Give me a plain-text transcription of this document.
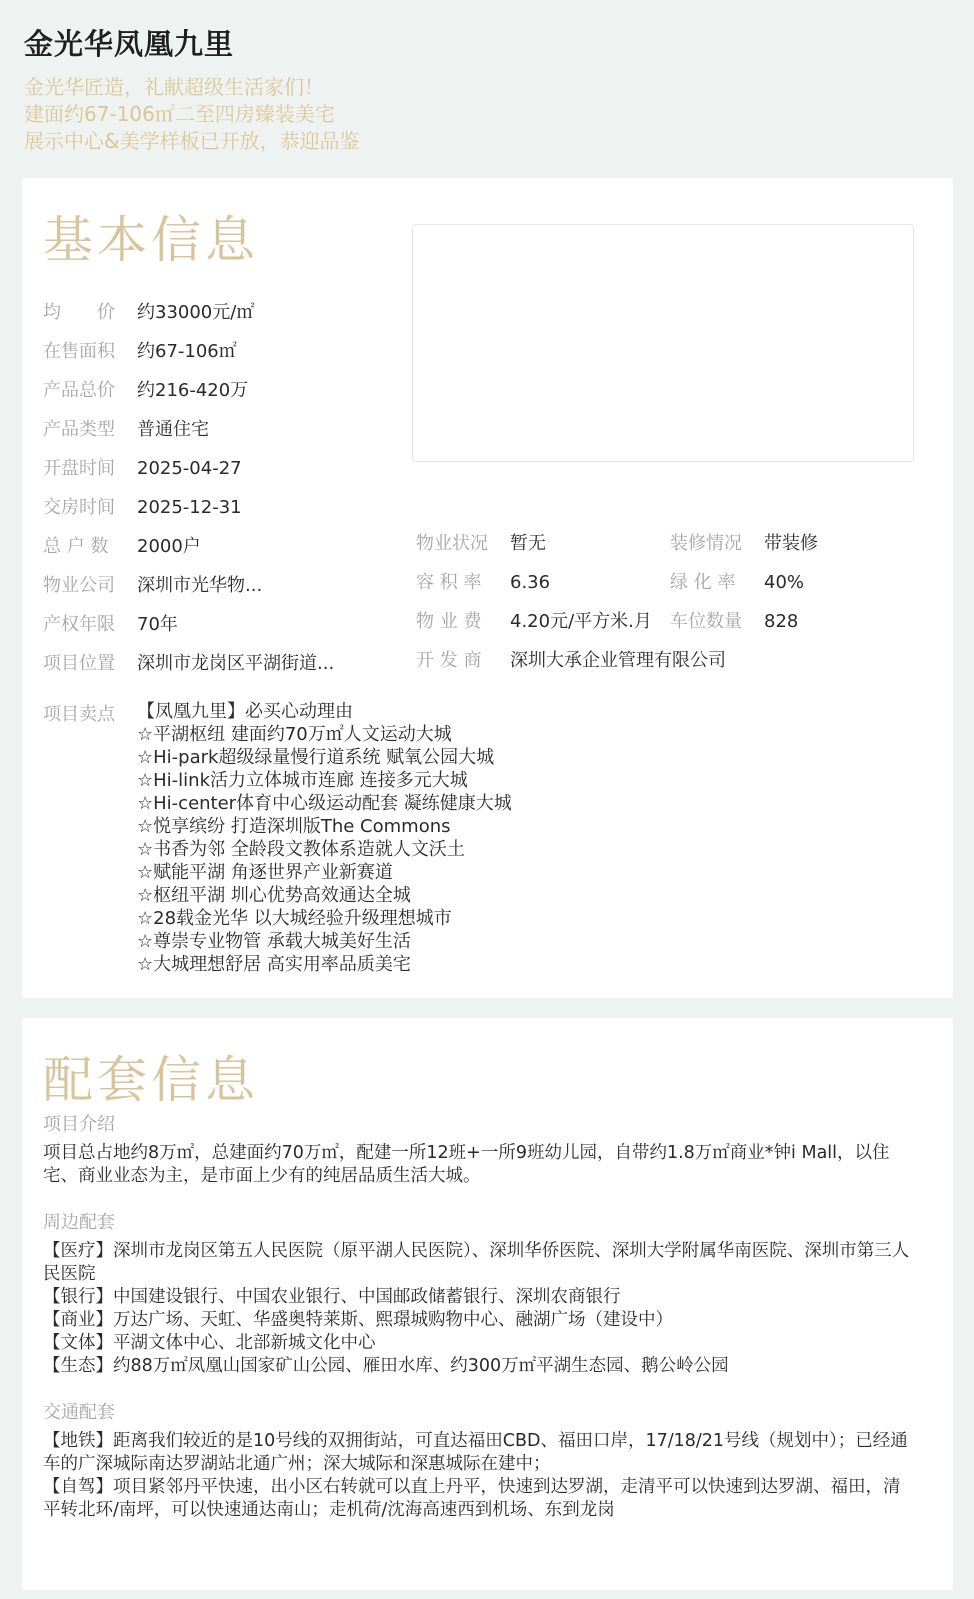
金光华凤凰九里
金光华匠造，礼献超级生活家们！
建面约67-106㎡二至四房臻装美宅
展示中心&美学样板已开放，恭迎品鉴
基本信息
均　　价 约33000元/㎡
在售面积 约67-106㎡
产品总价 约216-420万
产品类型 普通住宅
开盘时间 2025-04-27
交房时间 2025-12-31
总 户 数 2000户
物业公司 深圳市光华物...
产权年限 70年
项目位置 深圳市龙岗区平湖街道...
物业状况 暂无
容 积 率 6.36
物 业 费 4.20元/平方米.月
开 发 商 深圳大承企业管理有限公司
装修情况 带装修
绿 化 率 40%
车位数量 828
项目卖点 【凤凰九里】必买心动理由
☆平湖枢纽 建面约70万㎡人文运动大城
☆Hi-park超级绿量慢行道系统 赋氧公园大城
☆Hi-link活力立体城市连廊 连接多元大城
☆Hi-center体育中心级运动配套 凝练健康大城
☆悦享缤纷 打造深圳版The Commons
☆书香为邻 全龄段文教体系造就人文沃土
☆赋能平湖 角逐世界产业新赛道
☆枢纽平湖 圳心优势高效通达全城
☆28载金光华 以大城经验升级理想城市
☆尊崇专业物管 承载大城美好生活
☆大城理想舒居 高实用率品质美宅
配套信息
项目介绍
项目总占地约8万㎡，总建面约70万㎡，配建一所12班+一所9班幼儿园，自带约1.8万㎡商业*钟i Mall，以住宅、商业业态为主，是市面上少有的纯居品质生活大城。
周边配套
【医疗】深圳市龙岗区第五人民医院（原平湖人民医院）、深圳华侨医院、深圳大学附属华南医院、深圳市第三人民医院
【银行】中国建设银行、中国农业银行、中国邮政储蓄银行、深圳农商银行
【商业】万达广场、天虹、华盛奥特莱斯、熙璟城购物中心、融湖广场（建设中）
【文体】平湖文体中心、北部新城文化中心
【生态】约88万㎡凤凰山国家矿山公园、雁田水库、约300万㎡平湖生态园、鹅公岭公园
交通配套
【地铁】距离我们较近的是10号线的双拥街站，可直达福田CBD、福田口岸，17/18/21号线（规划中）；已经通车的广深城际南达罗湖站北通广州；深大城际和深惠城际在建中；
【自驾】项目紧邻丹平快速，出小区右转就可以直上丹平，快速到达罗湖，走清平可以快速到达罗湖、福田，清平转北环/南坪，可以快速通达南山；走机荷/沈海高速西到机场、东到龙岗
